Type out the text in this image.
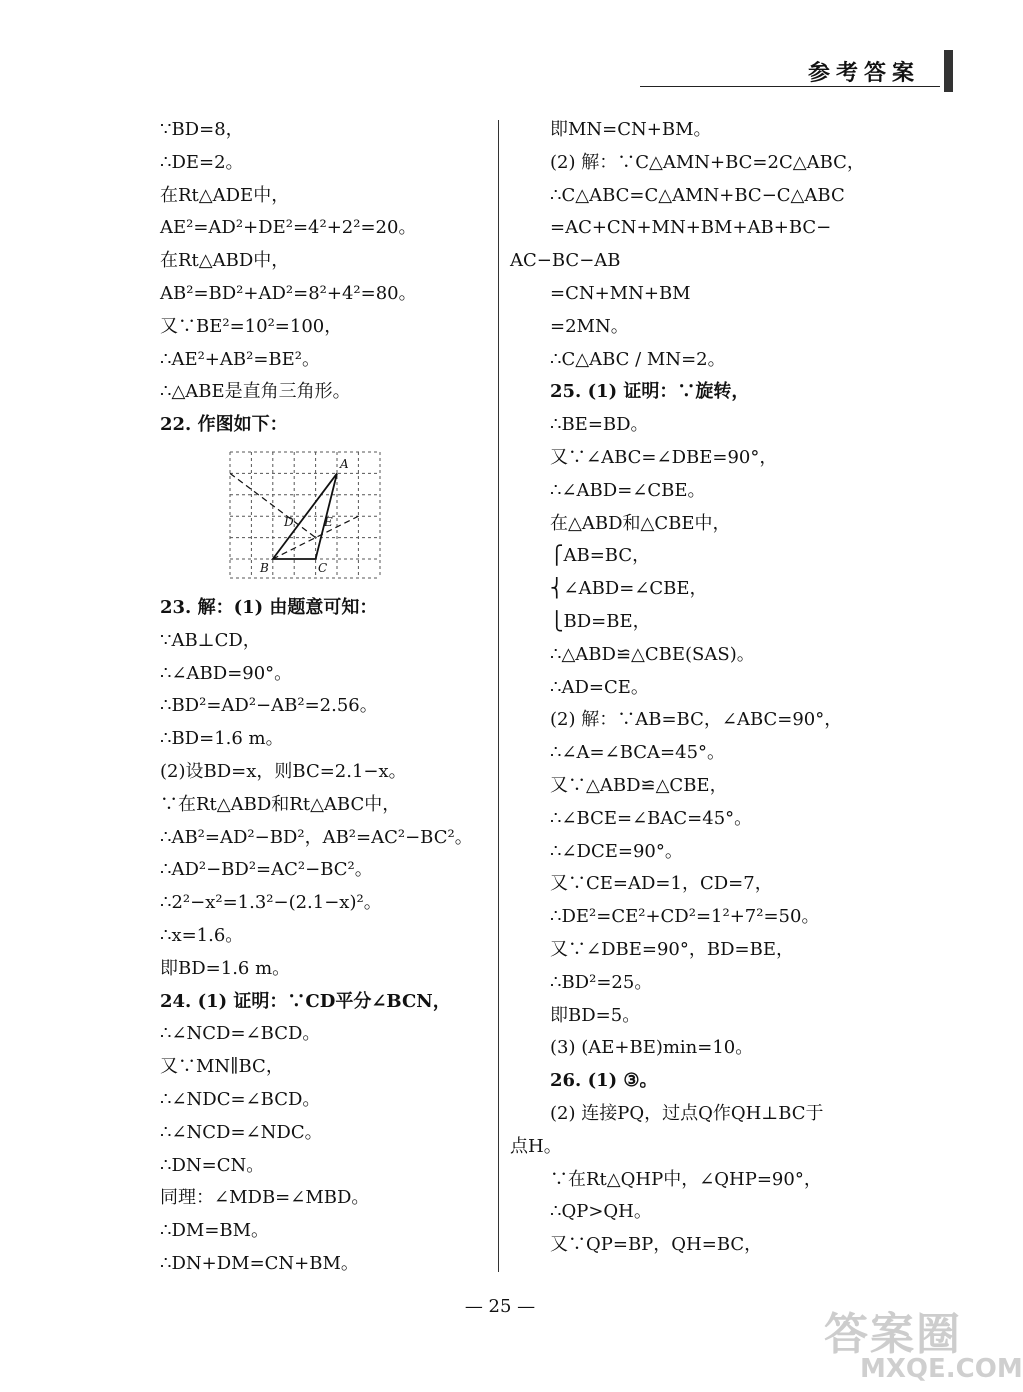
参考答案
∵BD=8，
∴DE=2。
在Rt△ADE中，
AE²=AD²+DE²=4²+2²=20。
在Rt△ABD中，
AB²=BD²+AD²=8²+4²=80。
又∵BE²=10²=100，
∴AE²+AB²=BE²。
∴△ABE是直角三角形。
22. 作图如下：
A
B	C
D	E
23. 解：(1) 由题意可知：
∵AB⊥CD，
∴∠ABD=90°。
∴BD²=AD²−AB²=2.56。
∴BD=1.6 m。
(2)设BD=x，则BC=2.1−x。
∵在Rt△ABD和Rt△ABC中，
∴AB²=AD²−BD²，AB²=AC²−BC²。
∴AD²−BD²=AC²−BC²。
∴2²−x²=1.3²−(2.1−x)²。
∴x=1.6。
即BD=1.6 m。
24. (1) 证明：∵CD平分∠BCN，
∴∠NCD=∠BCD。
又∵MN∥BC，
∴∠NDC=∠BCD。
∴∠NCD=∠NDC。
∴DN=CN。
同理：∠MDB=∠MBD。
∴DM=BM。
∴DN+DM=CN+BM。
即MN=CN+BM。
(2) 解：∵C△AMN+BC=2C△ABC，
∴C△ABC=C△AMN+BC−C△ABC
=AC+CN+MN+BM+AB+BC−
AC−BC−AB
=CN+MN+BM
=2MN。
∴C△ABC / MN=2。
25. (1) 证明：∵旋转，
∴BE=BD。
又∵∠ABC=∠DBE=90°，
∴∠ABD=∠CBE。
在△ABD和△CBE中，
⎧AB=BC，
⎨∠ABD=∠CBE，
⎩BD=BE，
∴△ABD≌△CBE(SAS)。
∴AD=CE。
(2) 解：∵AB=BC，∠ABC=90°，
∴∠A=∠BCA=45°。
又∵△ABD≌△CBE，
∴∠BCE=∠BAC=45°。
∴∠DCE=90°。
又∵CE=AD=1，CD=7，
∴DE²=CE²+CD²=1²+7²=50。
又∵∠DBE=90°，BD=BE，
∴BD²=25。
即BD=5。
(3) (AE+BE)min=10。
26. (1) ③。
(2) 连接PQ，过点Q作QH⊥BC于
点H。
∵在Rt△QHP中，∠QHP=90°，
∴QP>QH。
又∵QP=BP，QH=BC，
— 25 —
答案圈
MXQE.COM
